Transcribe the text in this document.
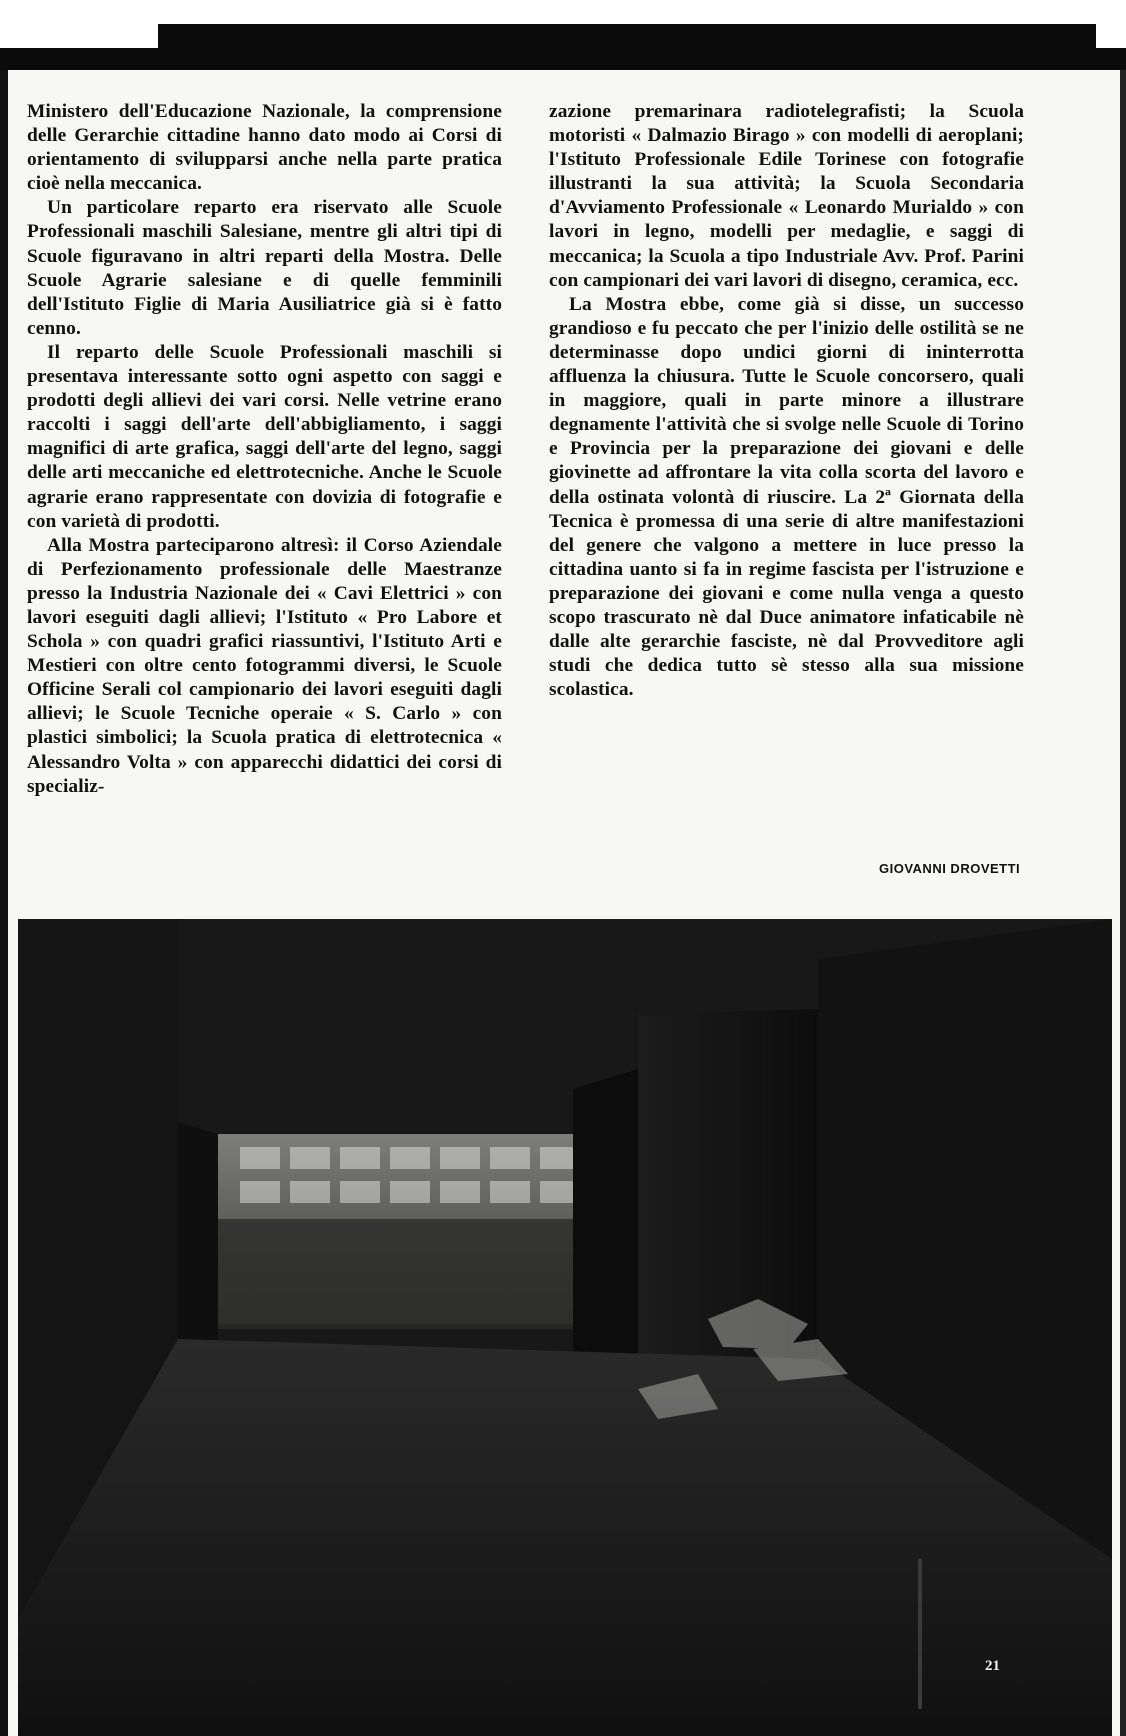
Ministero dell'Educazione Nazionale, la comprensione delle Gerarchie cittadine hanno dato modo ai Corsi di orientamento di svilupparsi anche nella parte pratica cioè nella meccanica.

Un particolare reparto era riservato alle Scuole Professionali maschili Salesiane, mentre gli altri tipi di Scuole figuravano in altri reparti della Mostra. Delle Scuole Agrarie salesiane e di quelle femminili dell'Istituto Figlie di Maria Ausiliatrice già si è fatto cenno.

Il reparto delle Scuole Professionali maschili si presentava interessante sotto ogni aspetto con saggi e prodotti degli allievi dei vari corsi. Nelle vetrine erano raccolti i saggi dell'arte dell'abbigliamento, i saggi magnifici di arte grafica, saggi dell'arte del legno, saggi delle arti meccaniche ed elettrotecniche. Anche le Scuole agrarie erano rappresentate con dovizia di fotografie e con varietà di prodotti.

Alla Mostra parteciparono altresì: il Corso Aziendale di Perfezionamento professionale delle Maestranze presso la Industria Nazionale dei « Cavi Elettrici » con lavori eseguiti dagli allievi; l'Istituto « Pro Labore et Schola » con quadri grafici riassuntivi, l'Istituto Arti e Mestieri con oltre cento fotogrammi diversi, le Scuole Officine Serali col campionario dei lavori eseguiti dagli allievi; le Scuole Tecniche operaie « S. Carlo » con plastici simbolici; la Scuola pratica di elettrotecnica « Alessandro Volta » con apparecchi didattici dei corsi di specializ-

zazione premarinara radiotelegrafisti; la Scuola motoristi « Dalmazio Birago » con modelli di aeroplani; l'Istituto Professionale Edile Torinese con fotografie illustranti la sua attività; la Scuola Secondaria d'Avviamento Professionale « Leonardo Murialdo » con lavori in legno, modelli per medaglie, e saggi di meccanica; la Scuola a tipo Industriale Avv. Prof. Parini con campionari dei vari lavori di disegno, ceramica, ecc.

La Mostra ebbe, come già si disse, un successo grandioso e fu peccato che per l'inizio delle ostilità se ne determinasse dopo undici giorni di ininterrotta affluenza la chiusura. Tutte le Scuole concorsero, quali in maggiore, quali in parte minore a illustrare degnamente l'attività che si svolge nelle Scuole di Torino e Provincia per la preparazione dei giovani e delle giovinette ad affrontare la vita colla scorta del lavoro e della ostinata volontà di riuscire. La 2ª Giornata della Tecnica è promessa di una serie di altre manifestazioni del genere che valgono a mettere in luce presso la cittadina uanto si fa in regime fascista per l'istruzione e preparazione dei giovani e come nulla venga a questo scopo trascurato nè dal Duce animatore infaticabile nè dalle alte gerarchie fasciste, nè dal Provveditore agli studi che dedica tutto sè stesso alla sua missione scolastica.

GIOVANNI DROVETTI
21
